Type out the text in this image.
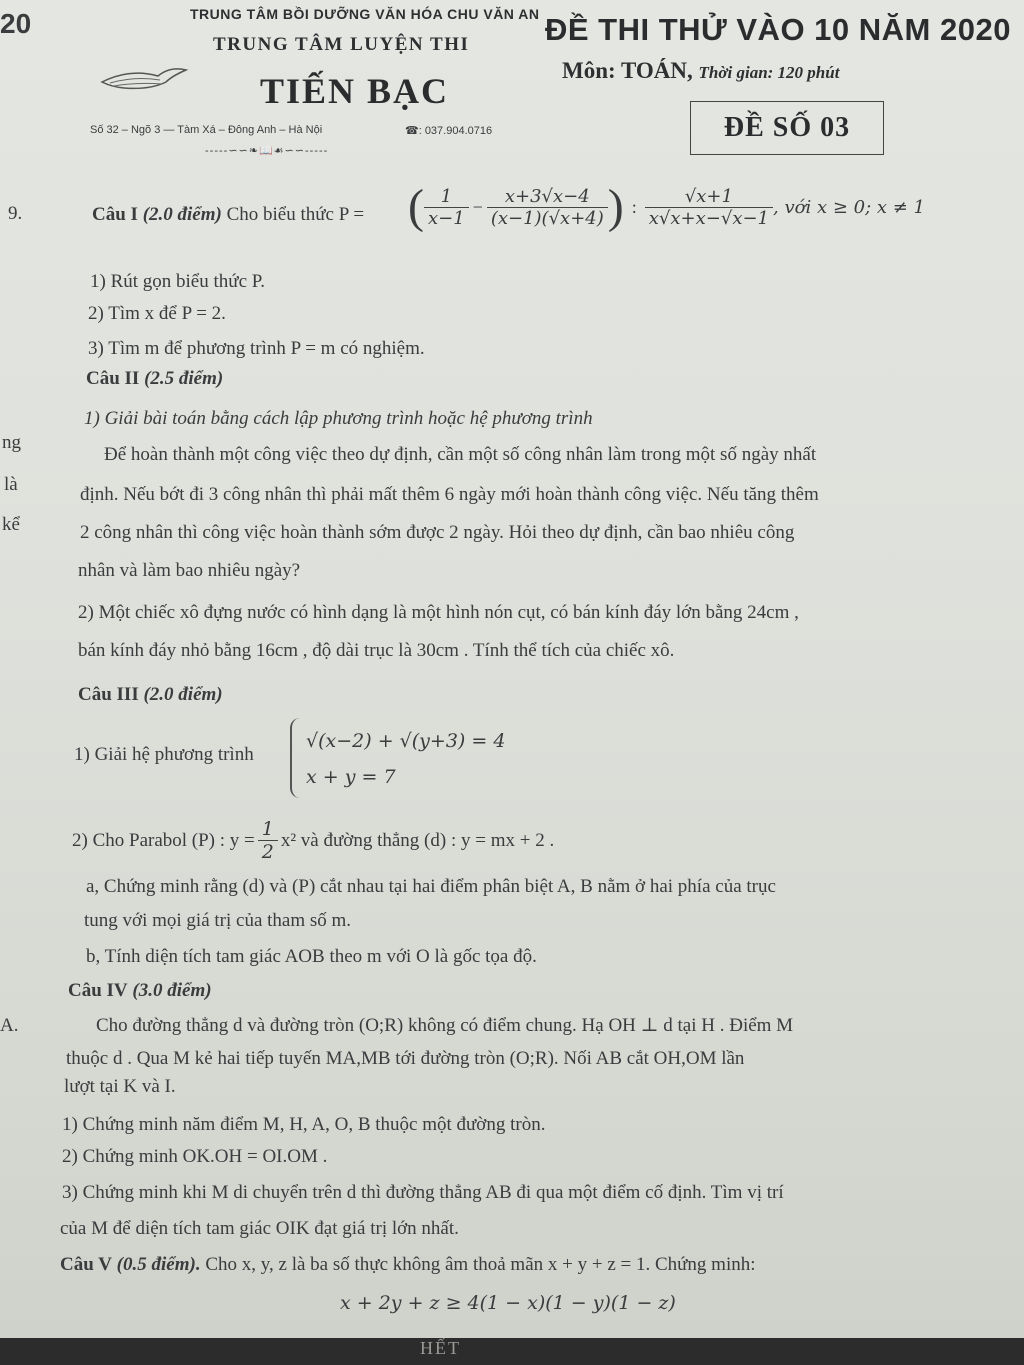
20
9.
ng
là
kể
A.
TRUNG TÂM BỒI DƯỠNG VĂN HÓA CHU VĂN AN
TRUNG TÂM LUYỆN THI
TIẾN BẠC
Số 32 – Ngõ 3 — Tàm Xá – Đông Anh – Hà Nội	☎: 037.904.0716
-----∽∽❧📖☙∽∽-----
ĐỀ THI THỬ VÀO 10 NĂM 2020
Môn: TOÁN, Thời gian: 120 phút
ĐỀ SỐ 03
Câu I (2.0 điểm) Cho biểu thức P = ( $\frac{1}{x-1} - \frac{x+3√x-4}{(x-1)(√x+4)}$ ) : $\frac{√x+1}{x√x+x-√x-1}$ , với x ≥ 0; x ≠ 1
1) Rút gọn biểu thức P.
2) Tìm x để P = 2.
3) Tìm m để phương trình P = m có nghiệm.
Câu II (2.5 điểm)
1) Giải bài toán bằng cách lập phương trình hoặc hệ phương trình
Để hoàn thành một công việc theo dự định, cần một số công nhân làm trong một số ngày nhất
định. Nếu bớt đi 3 công nhân thì phải mất thêm 6 ngày mới hoàn thành công việc. Nếu tăng thêm
2 công nhân thì công việc hoàn thành sớm được 2 ngày. Hỏi theo dự định, cần bao nhiêu công
nhân và làm bao nhiêu ngày?
2) Một chiếc xô đựng nước có hình dạng là một hình nón cụt, có bán kính đáy lớn bằng 24cm ,
bán kính đáy nhỏ bằng 16cm , độ dài trục là 30cm . Tính thể tích của chiếc xô.
Câu III (2.0 điểm)
1) Giải hệ phương trình
√(x−2) + √(y+3) = 4
x + y = 7
2) Cho Parabol (P) : $y = \frac{1}{2} x^2$ và đường thẳng (d) : y = mx + 2 .
a, Chứng minh rằng (d) và (P) cắt nhau tại hai điểm phân biệt A, B nằm ở hai phía của trục
tung với mọi giá trị của tham số m.
b, Tính diện tích tam giác AOB theo m với O là gốc tọa độ.
Câu IV (3.0 điểm)
Cho đường thẳng d và đường tròn (O;R) không có điểm chung. Hạ OH ⊥ d tại H . Điểm M
thuộc d . Qua M kẻ hai tiếp tuyến MA,MB tới đường tròn (O;R). Nối AB cắt OH,OM lần
lượt tại K và I.
1) Chứng minh năm điểm M, H, A, O, B thuộc một đường tròn.
2) Chứng minh OK.OH = OI.OM .
3) Chứng minh khi M di chuyển trên d thì đường thẳng AB đi qua một điểm cố định. Tìm vị trí
của M để diện tích tam giác OIK đạt giá trị lớn nhất.
Câu V (0.5 điểm). Cho x, y, z là ba số thực không âm thoả mãn x + y + z = 1. Chứng minh:
x + 2y + z ≥ 4(1 − x)(1 − y)(1 − z)
HẾT
